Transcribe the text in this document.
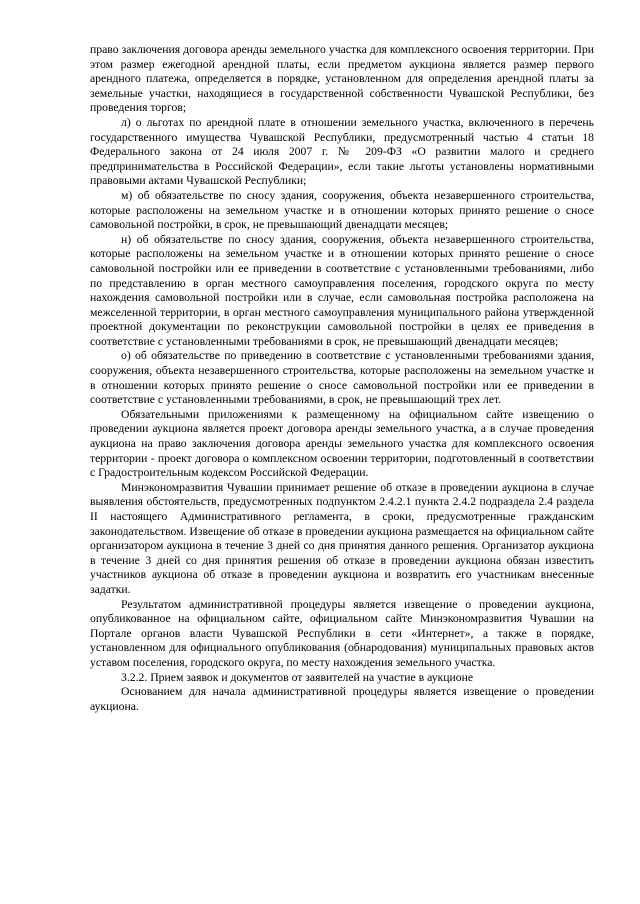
право заключения договора аренды земельного участка для комплексного освоения территории. При этом размер ежегодной арендной платы, если предметом аукциона является размер первого арендного платежа, определяется в порядке, установленном для определения арендной платы за земельные участки, находящиеся в государственной собственности Чувашской Республики, без проведения торгов;

л) о льготах по арендной плате в отношении земельного участка, включенного в перечень государственного имущества Чувашской Республики, предусмотренный частью 4 статьи 18 Федерального закона от 24 июля 2007 г. № 209-ФЗ «О развитии малого и среднего предпринимательства в Российской Федерации», если такие льготы установлены нормативными правовыми актами Чувашской Республики;

м) об обязательстве по сносу здания, сооружения, объекта незавершенного строительства, которые расположены на земельном участке и в отношении которых принято решение о сносе самовольной постройки, в срок, не превышающий двенадцати месяцев;

н) об обязательстве по сносу здания, сооружения, объекта незавершенного строительства, которые расположены на земельном участке и в отношении которых принято решение о сносе самовольной постройки или ее приведении в соответствие с установленными требованиями, либо по представлению в орган местного самоуправления поселения, городского округа по месту нахождения самовольной постройки или в случае, если самовольная постройка расположена на межселенной территории, в орган местного самоуправления муниципального района утвержденной проектной документации по реконструкции самовольной постройки в целях ее приведения в соответствие с установленными требованиями в срок, не превышающий двенадцати месяцев;

о) об обязательстве по приведению в соответствие с установленными требованиями здания, сооружения, объекта незавершенного строительства, которые расположены на земельном участке и в отношении которых принято решение о сносе самовольной постройки или ее приведении в соответствие с установленными требованиями, в срок, не превышающий трех лет.

Обязательными приложениями к размещенному на официальном сайте извещению о проведении аукциона является проект договора аренды земельного участка, а в случае проведения аукциона на право заключения договора аренды земельного участка для комплексного освоения территории - проект договора о комплексном освоении территории, подготовленный в соответствии с Градостроительным кодексом Российской Федерации.

Минэкономразвития Чувашии принимает решение об отказе в проведении аукциона в случае выявления обстоятельств, предусмотренных подпунктом 2.4.2.1 пункта 2.4.2 подраздела 2.4 раздела II настоящего Административного регламента, в сроки, предусмотренные гражданским законодательством. Извещение об отказе в проведении аукциона размещается на официальном сайте организатором аукциона в течение 3 дней со дня принятия данного решения. Организатор аукциона в течение 3 дней со дня принятия решения об отказе в проведении аукциона обязан известить участников аукциона об отказе в проведении аукциона и возвратить его участникам внесенные задатки.

Результатом административной процедуры является извещение о проведении аукциона, опубликованное на официальном сайте, официальном сайте Минэкономразвития Чувашии на Портале органов власти Чувашской Республики в сети «Интернет», а также в порядке, установленном для официального опубликования (обнародования) муниципальных правовых актов уставом поселения, городского округа, по месту нахождения земельного участка.

3.2.2. Прием заявок и документов от заявителей на участие в аукционе

Основанием для начала административной процедуры является извещение о проведении аукциона.
